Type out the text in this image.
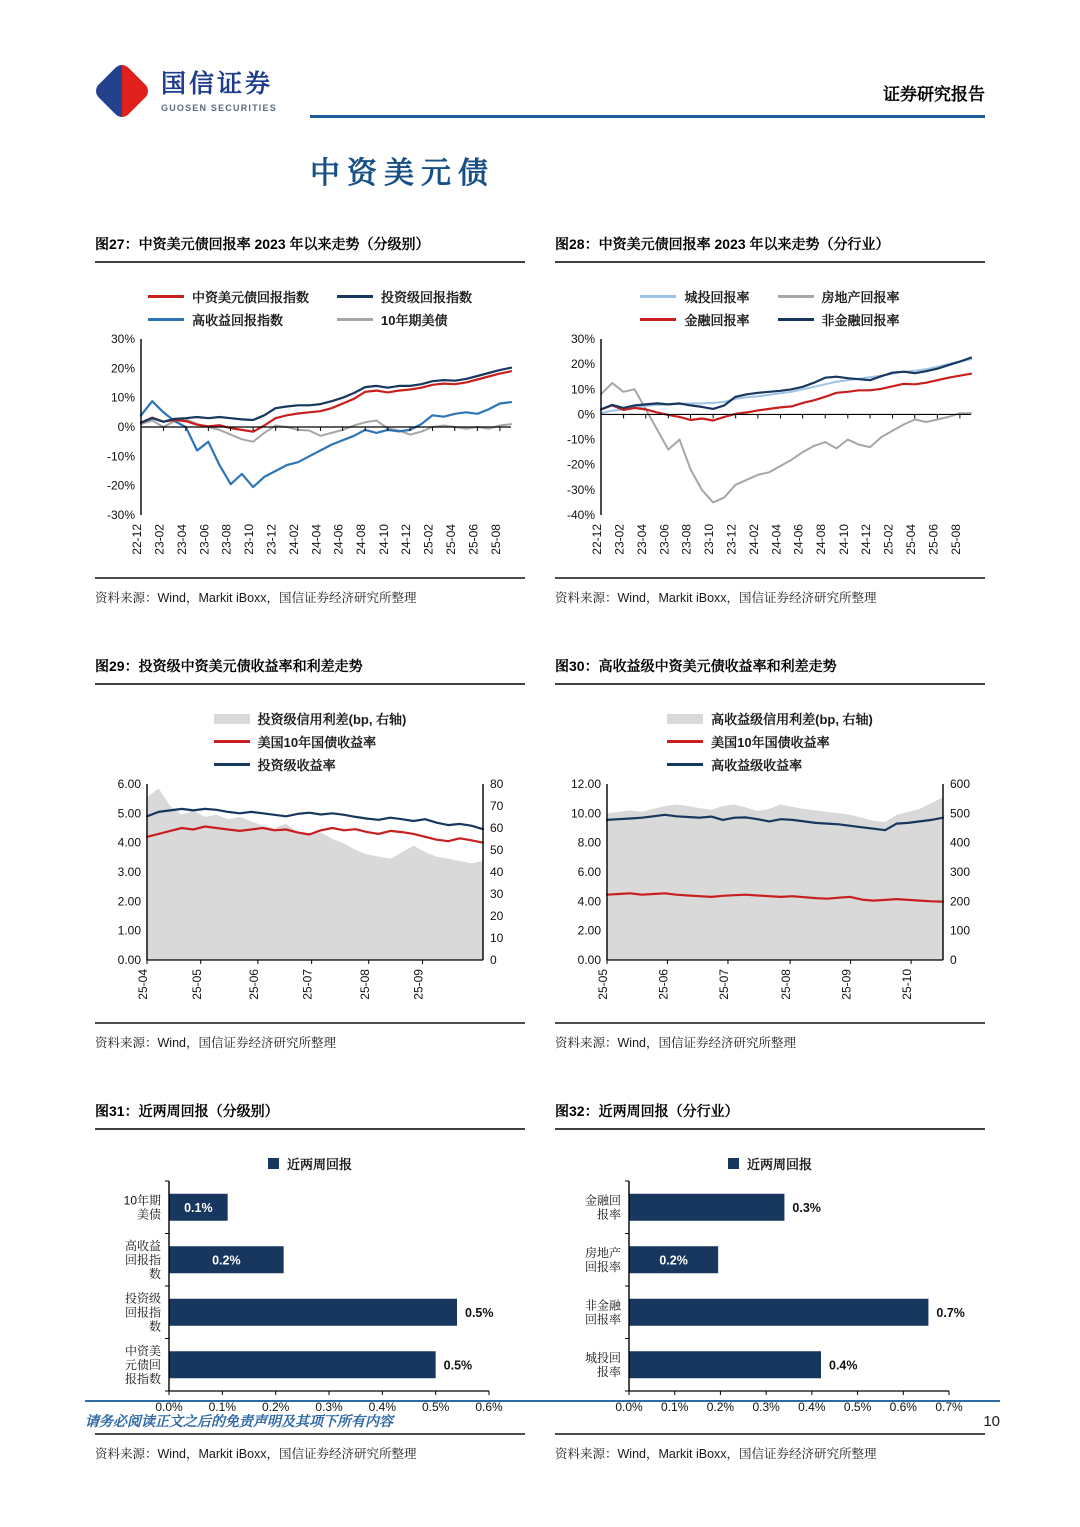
国信证券
GUOSEN SECURITIES
证券研究报告
中资美元债
图27：中资美元债回报率 2023 年以来走势（分级别）
中资美元债回报指数	投资级回报指数
高收益回报指数	10年期美债
22-12 23-02 23-04 23-06 23-08 23-10 23-12 24-02 24-04 24-06 24-08 24-10 24-12 25-02 25-04 25-06 25-08
30%
20%
10%
0%
-10%
-20%
-30%
资料来源：Wind，Markit iBoxx，国信证券经济研究所整理
图28：中资美元债回报率 2023 年以来走势（分行业）
城投回报率	房地产回报率
金融回报率	非金融回报率
22-12 23-02 23-04 23-06 23-08 23-10 23-12 24-02 24-04 24-06 24-08 24-10 24-12 25-02 25-04 25-06 25-08
30%
20%
10%
0%
-10%
-20%
-30%
-40%
资料来源：Wind，Markit iBoxx，国信证券经济研究所整理
图29：投资级中资美元债收益率和利差走势
投资级信用利差(bp, 右轴)
美国10年国债收益率
投资级收益率
25-04	25-05	25-06	25-07	25-08	25-09
6.00
5.00
4.00
3.00
2.00
1.00
0.00
80
70
60
50
40
30
20
10
0
资料来源：Wind，国信证券经济研究所整理
图30：高收益级中资美元债收益率和利差走势
高收益级信用利差(bp, 右轴)
美国10年国债收益率
高收益级收益率
25-05	25-06	25-07	25-08	25-09	25-10
12.00
10.00
8.00
6.00
4.00
2.00
0.00
600
500
400
300
200
100
0
资料来源：Wind，国信证券经济研究所整理
图31：近两周回报（分级别）
近两周回报
0.1%
10年期美债
0.2%
高收益回报指数
0.5%
投资级回报指数
0.5%
中资美元债回报指数
0.0% 0.1% 0.2% 0.3% 0.4% 0.5% 0.6%
资料来源：Wind，Markit iBoxx，国信证券经济研究所整理
图32：近两周回报（分行业）
近两周回报
0.3%
金融回报率
0.2%
房地产回报率
0.7%
非金融回报率
0.4%
城投回报率
0.0% 0.1% 0.2% 0.3% 0.4% 0.5% 0.6% 0.7%
资料来源：Wind，Markit iBoxx，国信证券经济研究所整理
请务必阅读正文之后的免责声明及其项下所有内容	10
